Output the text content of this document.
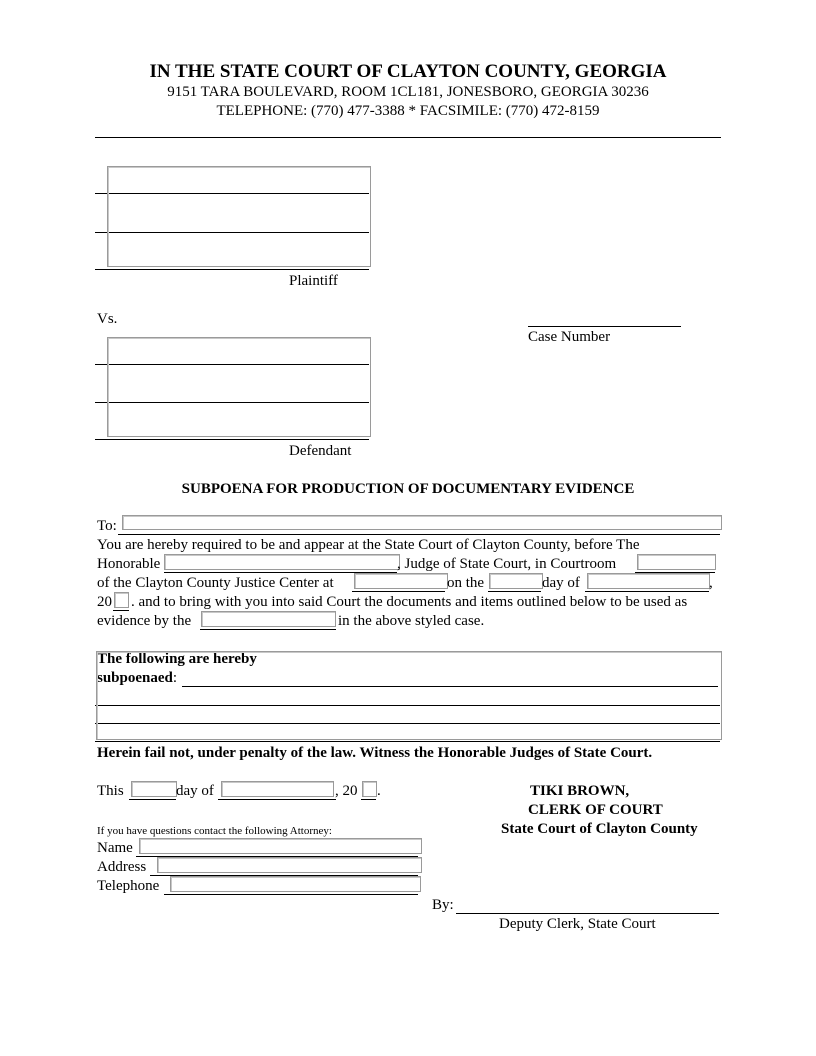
IN THE STATE COURT OF CLAYTON COUNTY, GEORGIA
9151 TARA BOULEVARD, ROOM 1CL181, JONESBORO, GEORGIA 30236
TELEPHONE: (770) 477-3388 * FACSIMILE: (770) 472-8159
Plaintiff
Vs.
Case Number
Defendant
SUBPOENA FOR PRODUCTION OF DOCUMENTARY EVIDENCE
To:
You are hereby required to be and appear at the State Court of Clayton County, before The
Honorable	, Judge of State Court, in Courtroom
of the Clayton County Justice Center at	on the	day of	,
20 . and to bring with you into said Court the documents and items outlined below to be used as
evidence by the	in the above styled case.
The following are hereby
subpoenaed:
Herein fail not, under penalty of the law. Witness the Honorable Judges of State Court.
This	day of	, 20 .	TIKI BROWN,
CLERK OF COURT
State Court of Clayton County
If you have questions contact the following Attorney:
Name
Address
Telephone
By:
Deputy Clerk, State Court
